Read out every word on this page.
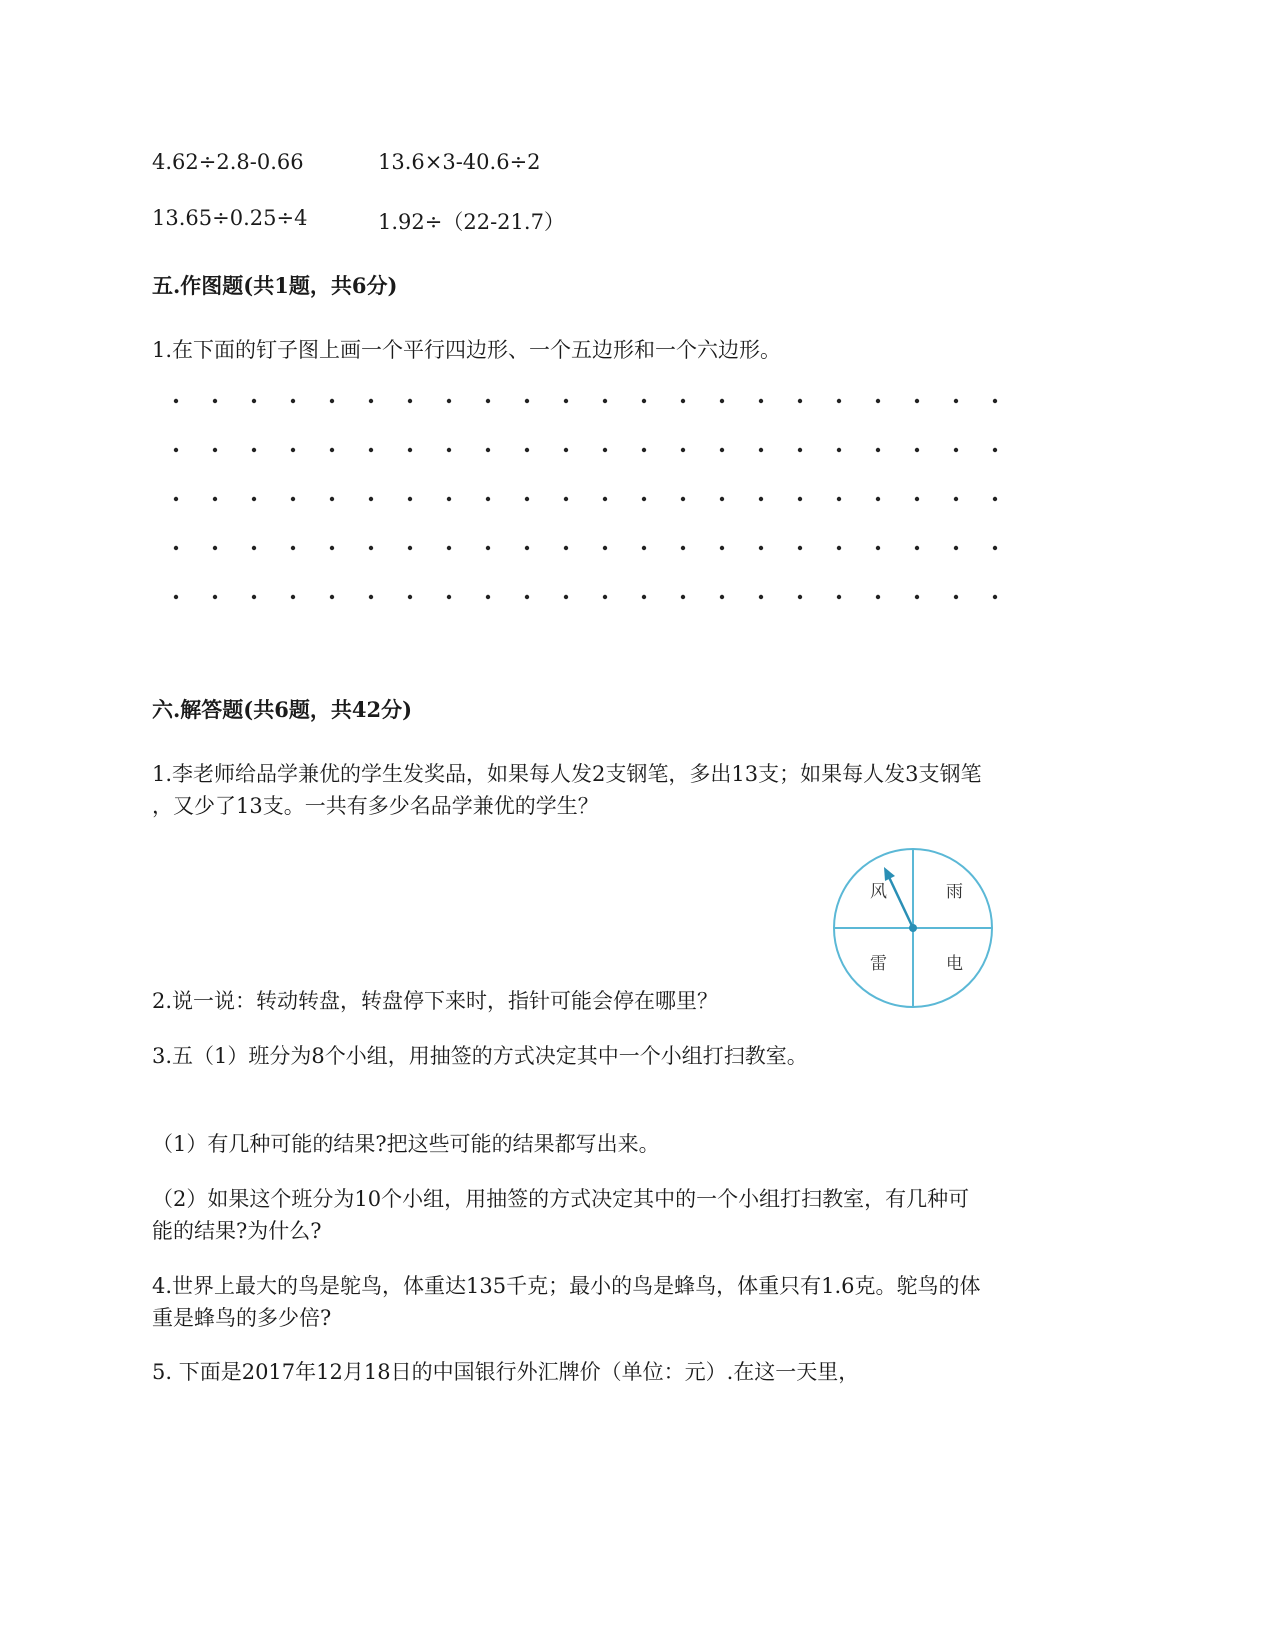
4.62÷2.8-0.66	13.6×3-40.6÷2
13.65÷0.25÷4	1.92÷（22-21.7）
五.作图题(共1题，共6分)
1.在下面的钉子图上画一个平行四边形、一个五边形和一个六边形。
六.解答题(共6题，共42分)
1.李老师给品学兼优的学生发奖品，如果每人发2支钢笔，多出13支；如果每人发3支钢笔
，又少了13支。一共有多少名品学兼优的学生？
风	雨
雷	电
2.说一说：转动转盘，转盘停下来时，指针可能会停在哪里？
3.五（1）班分为8个小组，用抽签的方式决定其中一个小组打扫教室。
（1）有几种可能的结果?把这些可能的结果都写出来。
（2）如果这个班分为10个小组，用抽签的方式决定其中的一个小组打扫教室，有几种可
能的结果?为什么?
4.世界上最大的鸟是鸵鸟，体重达135千克；最小的鸟是蜂鸟，体重只有1.6克。鸵鸟的体
重是蜂鸟的多少倍?
5. 下面是2017年12月18日的中国银行外汇牌价（单位：元）.在这一天里，
